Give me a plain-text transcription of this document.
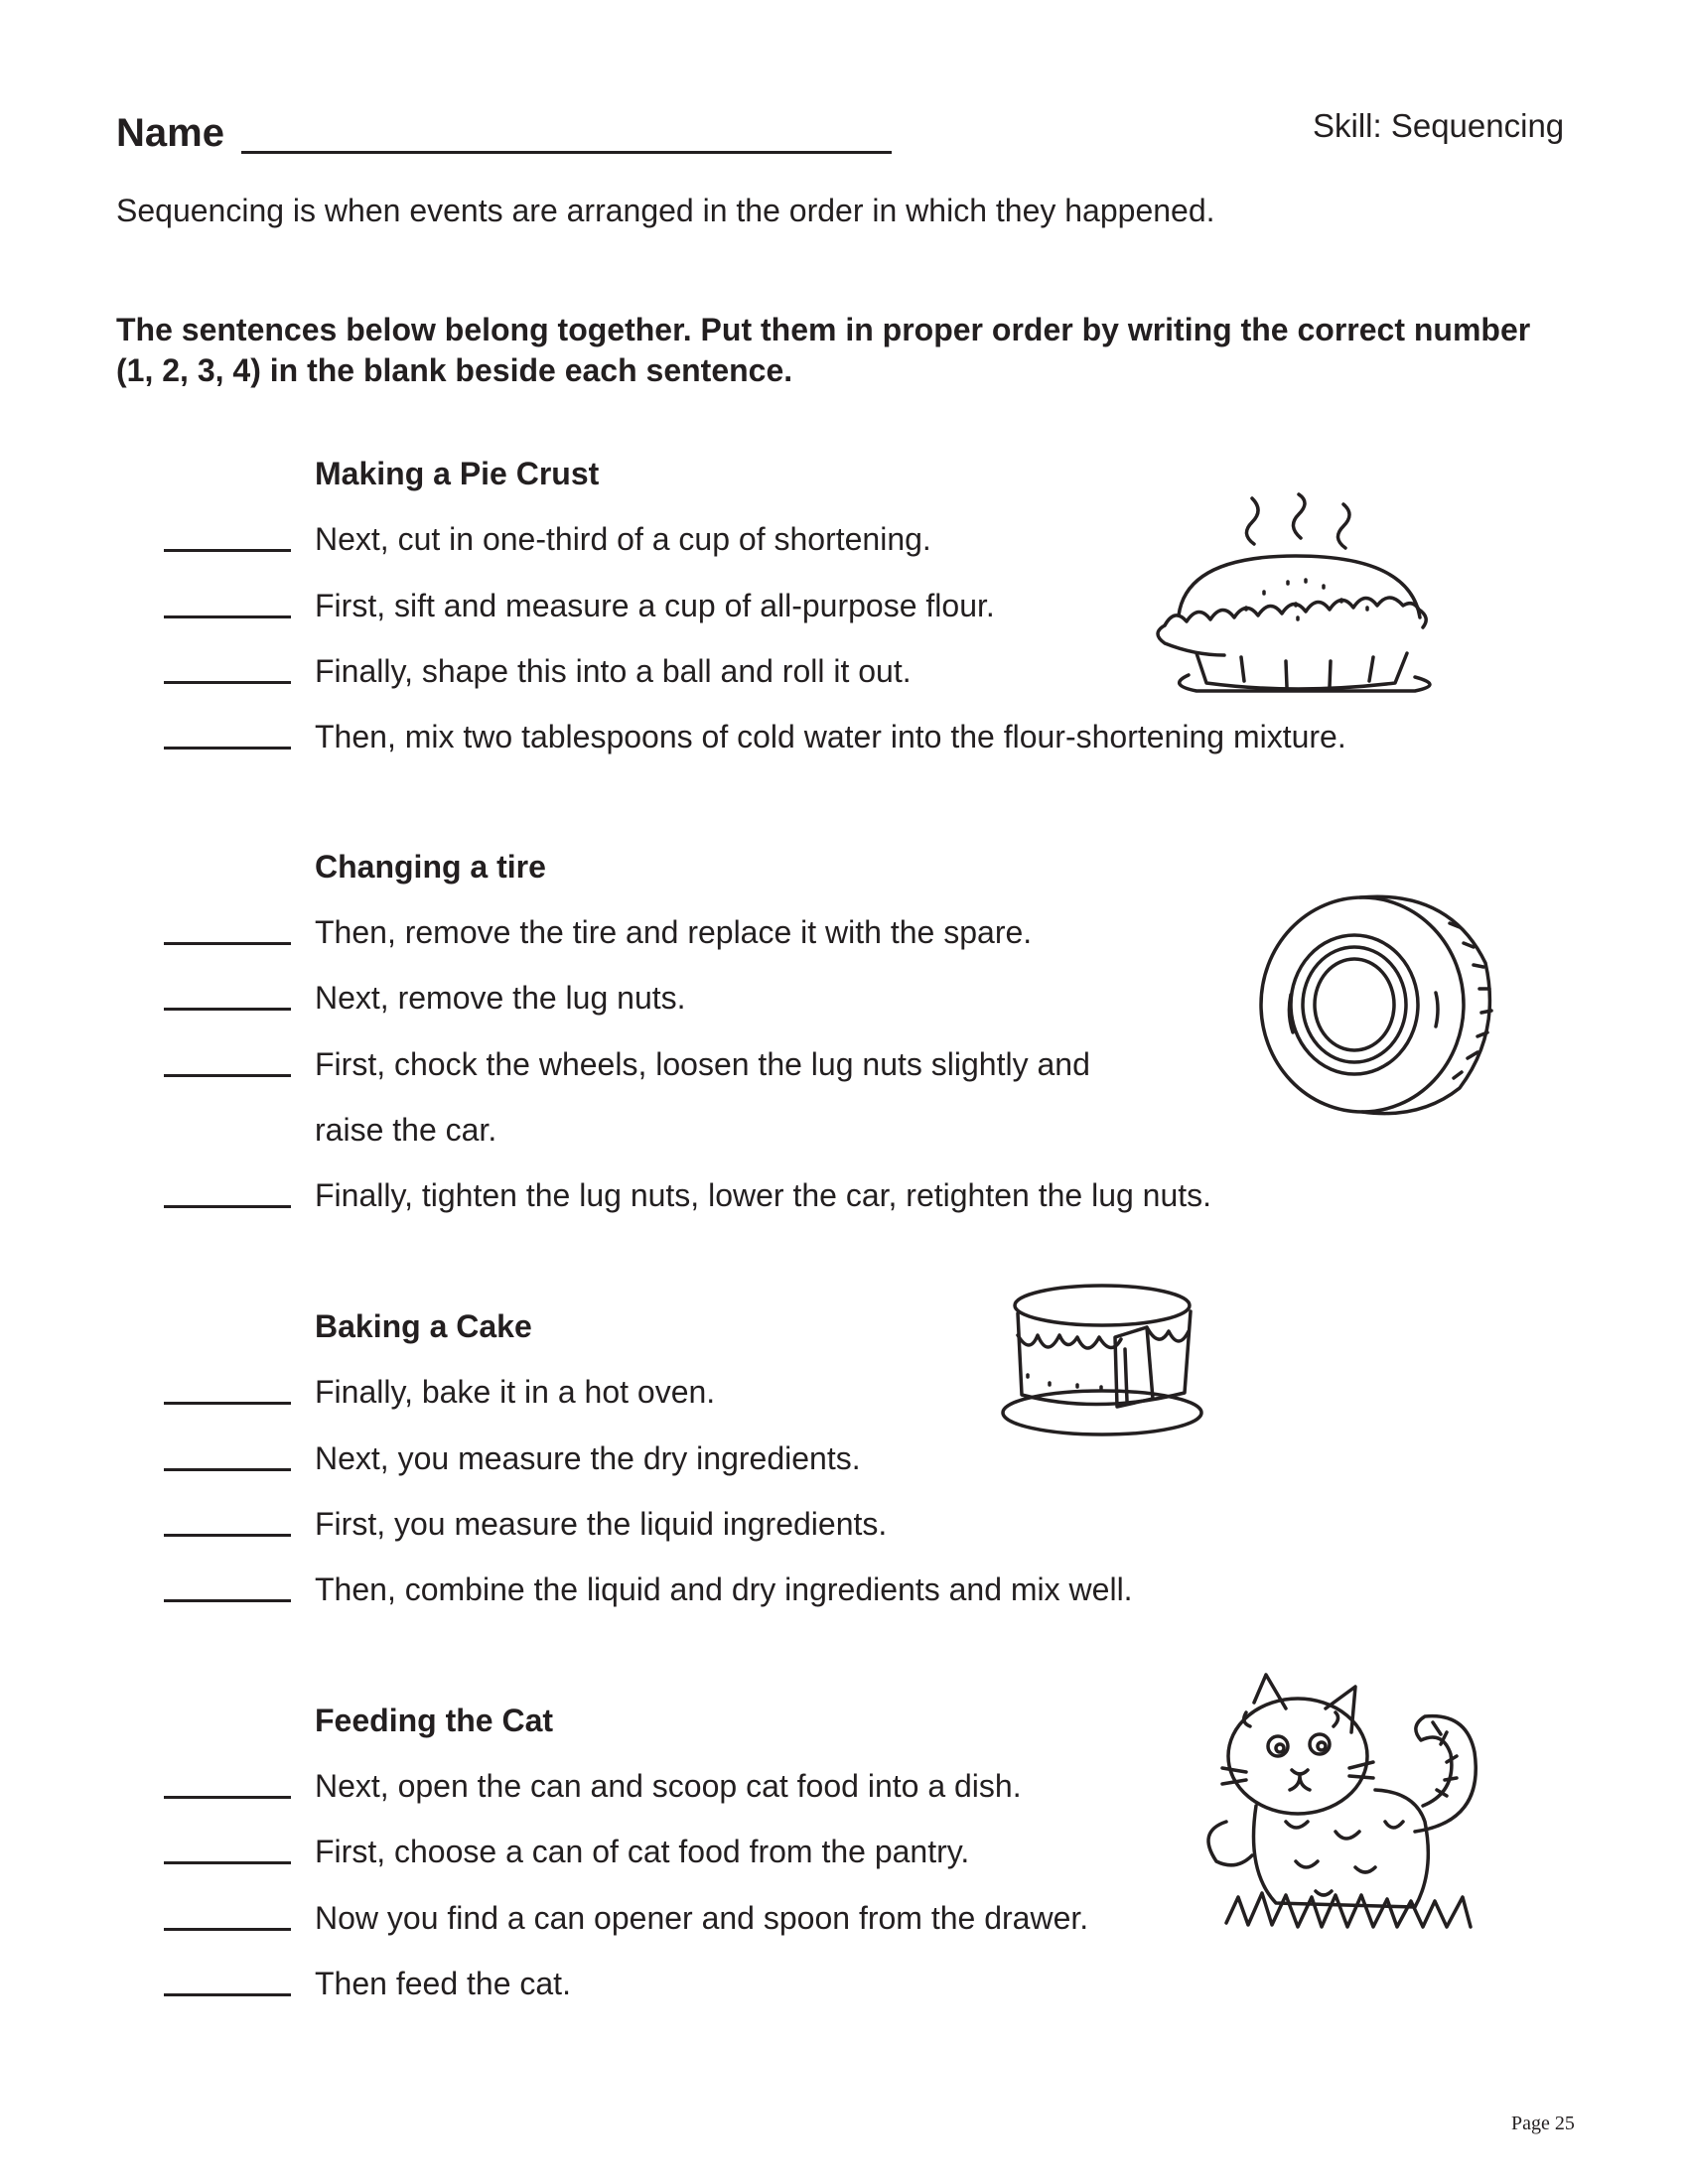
Name	Skill: Sequencing
Sequencing is when events are arranged in the order in which they happened.
The sentences below belong together. Put them in proper order by writing the correct number (1, 2, 3, 4) in the blank beside each sentence.
Making a Pie Crust
Next, cut in one-third of a cup of shortening.
First, sift and measure a cup of all-purpose flour.
Finally, shape this into a ball and roll it out.
Then, mix two tablespoons of cold water into the flour-shortening mixture.
Changing a tire
Then, remove the tire and replace it with the spare.
Next, remove the lug nuts.
First, chock the wheels, loosen the lug nuts slightly and
raise the car.
Finally, tighten the lug nuts, lower the car, retighten the lug nuts.
Baking a Cake
Finally, bake it in a hot oven.
Next, you measure the dry ingredients.
First, you measure the liquid ingredients.
Then, combine the liquid and dry ingredients and mix well.
Feeding the Cat
Next, open the can and scoop cat food into a dish.
First, choose a can of cat food from the pantry.
Now you find a can opener and spoon from the drawer.
Then feed the cat.
Page 25
